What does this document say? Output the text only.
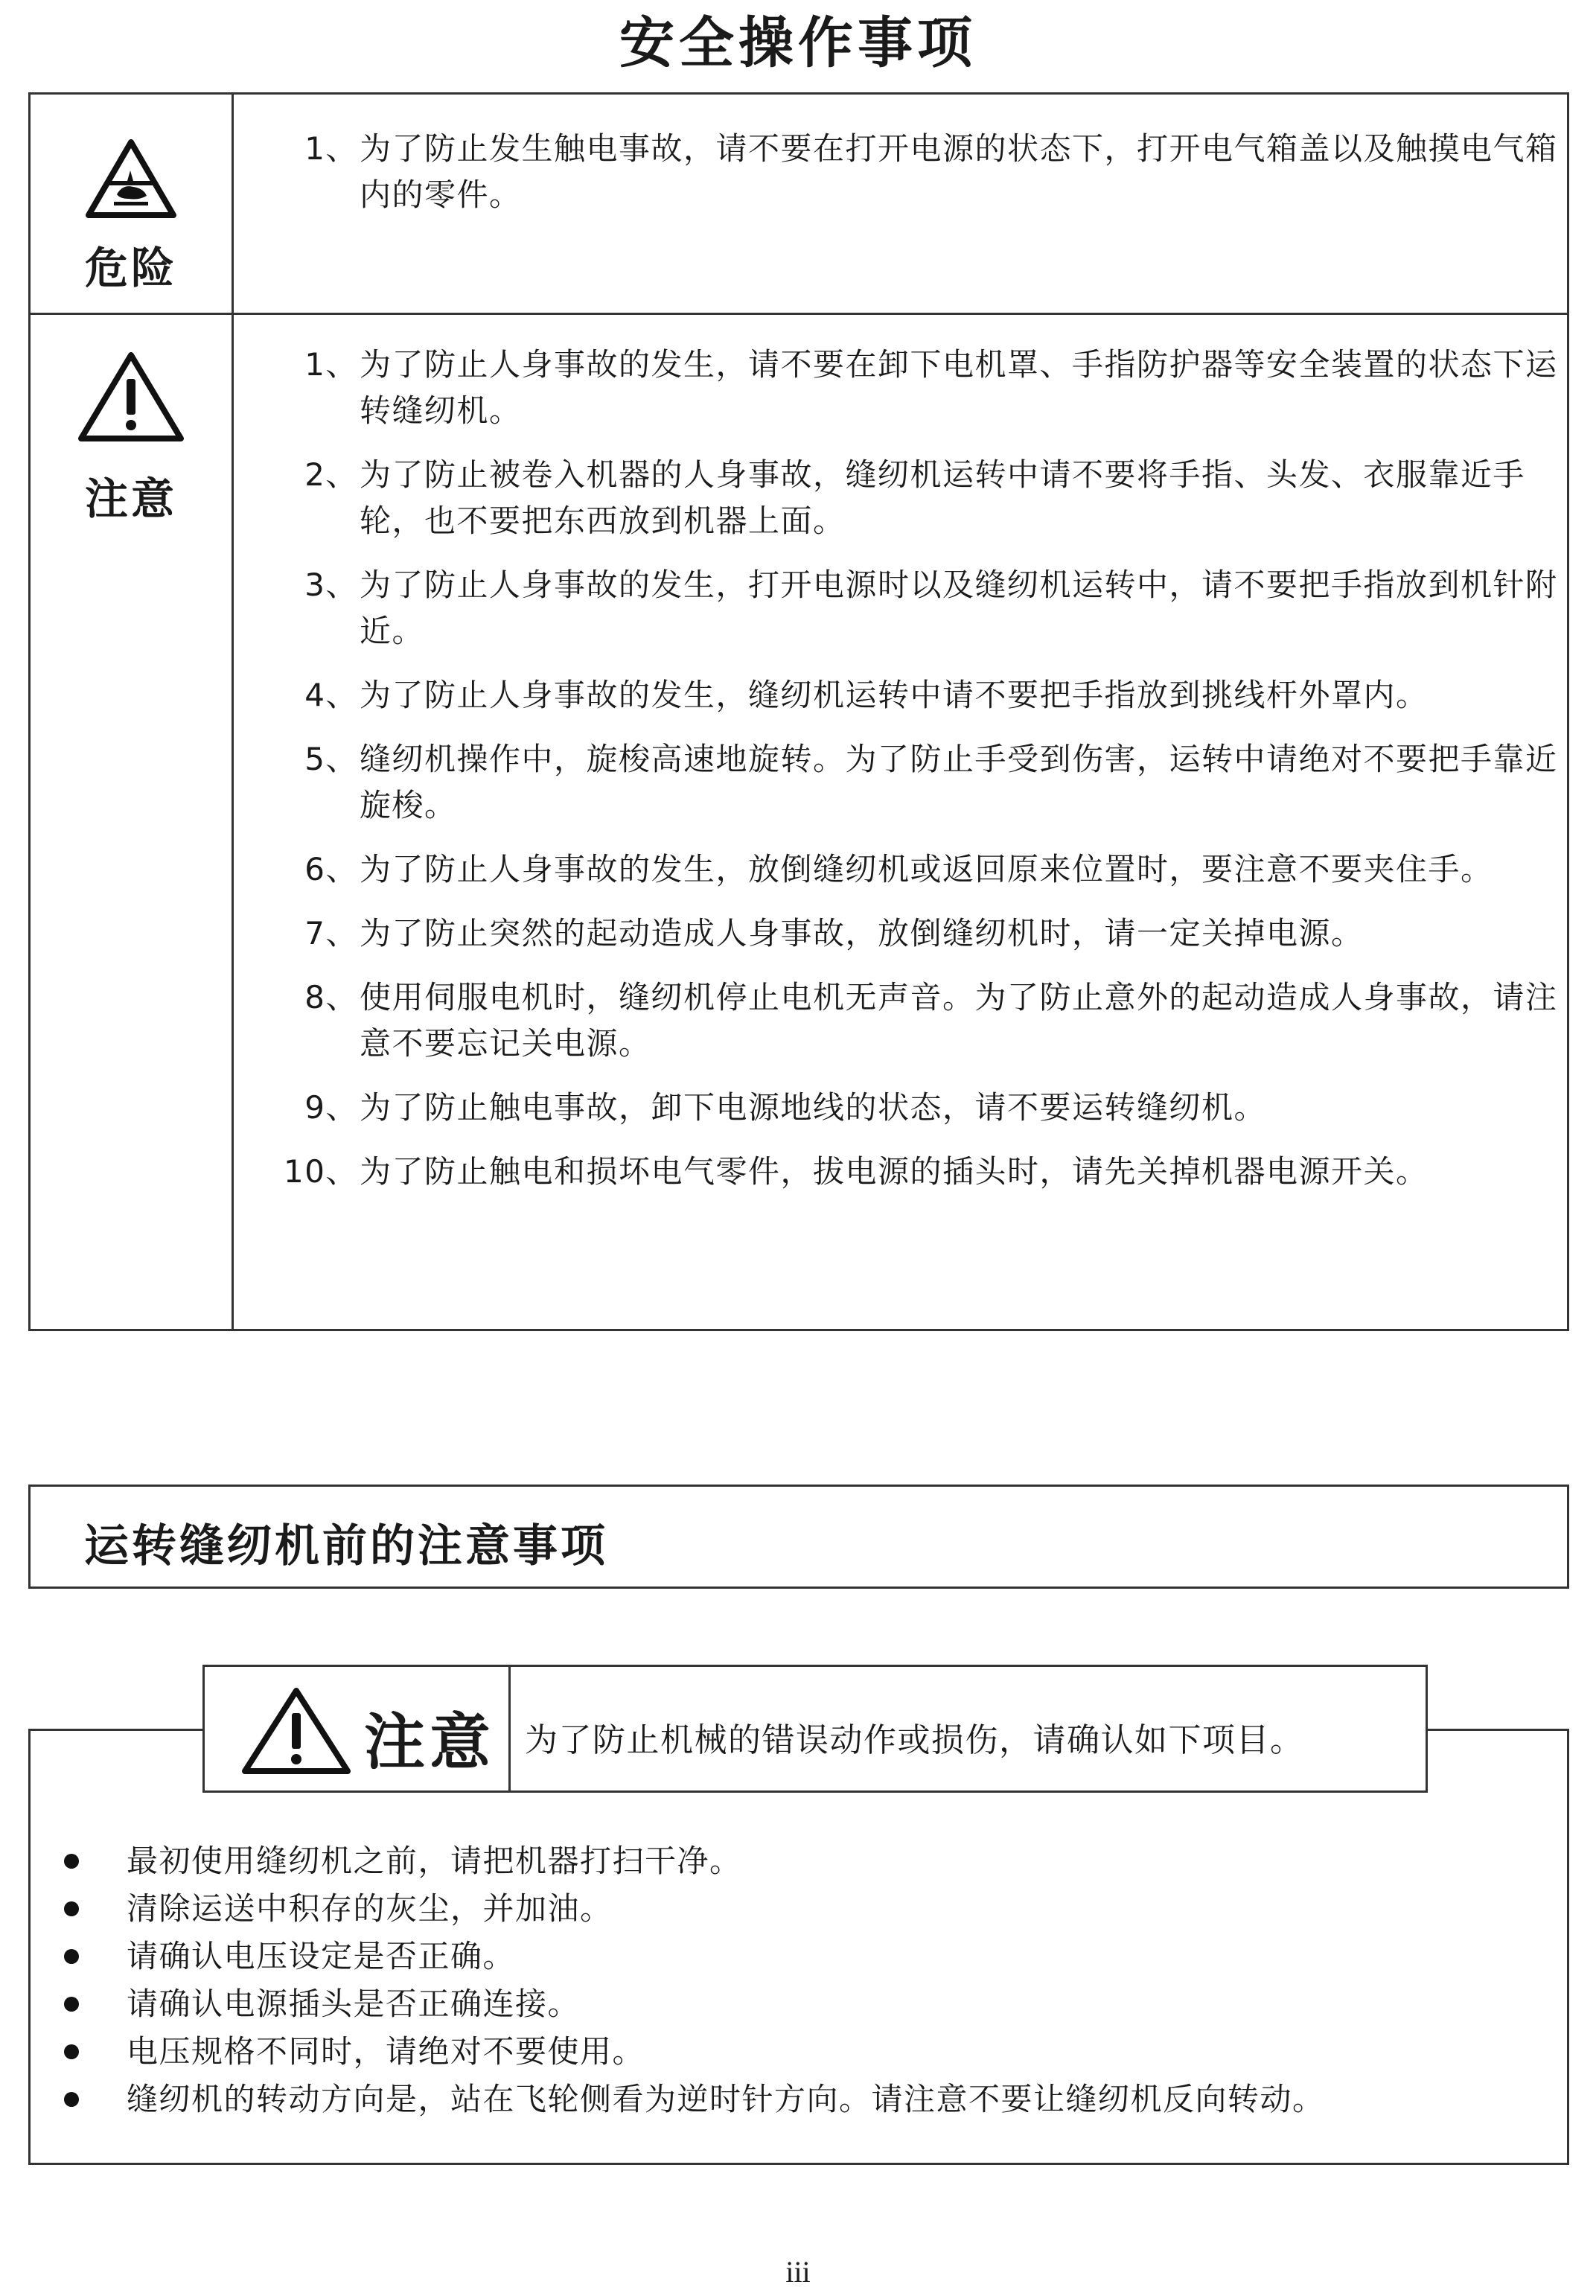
安全操作事项
危险
1、 为了防止发生触电事故，请不要在打开电源的状态下，打开电气箱盖以及触摸电气箱内的零件。
注意
1、 为了防止人身事故的发生，请不要在卸下电机罩、手指防护器等安全装置的状态下运转缝纫机。
2、 为了防止被卷入机器的人身事故，缝纫机运转中请不要将手指、头发、衣服靠近手轮，也不要把东西放到机器上面。
3、 为了防止人身事故的发生，打开电源时以及缝纫机运转中，请不要把手指放到机针附近。
4、 为了防止人身事故的发生，缝纫机运转中请不要把手指放到挑线杆外罩内。
5、 缝纫机操作中，旋梭高速地旋转。为了防止手受到伤害，运转中请绝对不要把手靠近旋梭。
6、 为了防止人身事故的发生，放倒缝纫机或返回原来位置时，要注意不要夹住手。
7、 为了防止突然的起动造成人身事故，放倒缝纫机时，请一定关掉电源。
8、 使用伺服电机时，缝纫机停止电机无声音。为了防止意外的起动造成人身事故，请注意不要忘记关电源。
9、 为了防止触电事故，卸下电源地线的状态，请不要运转缝纫机。
10、 为了防止触电和损坏电气零件，拔电源的插头时，请先关掉机器电源开关。
运转缝纫机前的注意事项
注意 为了防止机械的错误动作或损伤，请确认如下项目。
最初使用缝纫机之前，请把机器打扫干净。
清除运送中积存的灰尘，并加油。
请确认电压设定是否正确。
请确认电源插头是否正确连接。
电压规格不同时，请绝对不要使用。
缝纫机的转动方向是，站在飞轮侧看为逆时针方向。请注意不要让缝纫机反向转动。
iii
